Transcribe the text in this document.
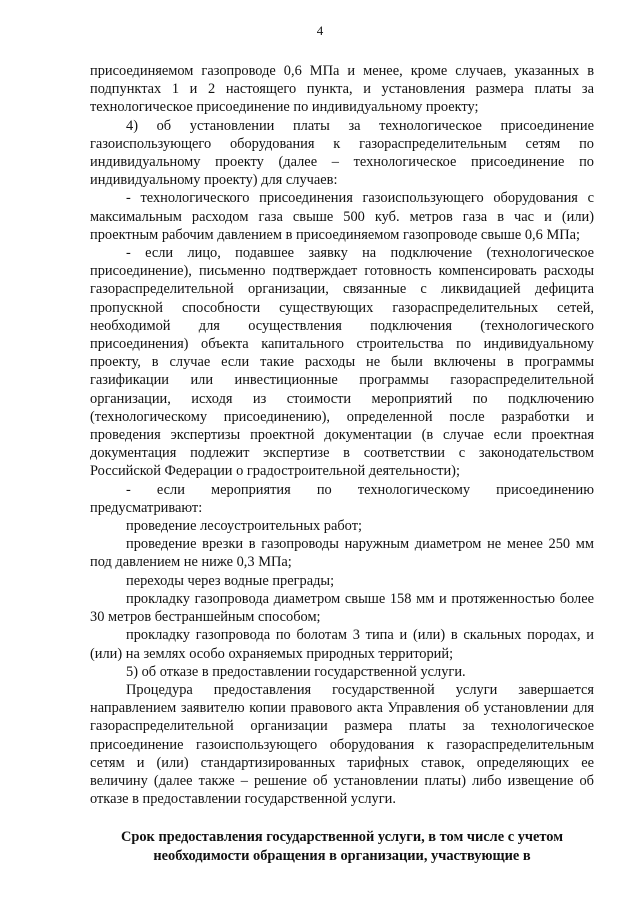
4

присоединяемом газопроводе 0,6 МПа и менее, кроме случаев, указанных в подпунктах 1 и 2 настоящего пункта, и установления размера платы за технологическое присоединение по индивидуальному проекту;

4) об установлении платы за технологическое присоединение газоиспользующего оборудования к газораспределительным сетям по индивидуальному проекту (далее – технологическое присоединение по индивидуальному проекту) для случаев:

- технологического присоединения газоиспользующего оборудования с максимальным расходом газа свыше 500 куб. метров газа в час и (или) проектным рабочим давлением в присоединяемом газопроводе свыше 0,6 МПа;

- если лицо, подавшее заявку на подключение (технологическое присоединение), письменно подтверждает готовность компенсировать расходы газораспределительной организации, связанные с ликвидацией дефицита пропускной способности существующих газораспределительных сетей, необходимой для осуществления подключения (технологического присоединения) объекта капитального строительства по индивидуальному проекту, в случае если такие расходы не были включены в программы газификации или инвестиционные программы газораспределительной организации, исходя из стоимости мероприятий по подключению (технологическому присоединению), определенной после разработки и проведения экспертизы проектной документации (в случае если проектная документация подлежит экспертизе в соответствии с законодательством Российской Федерации о градостроительной деятельности);

- если мероприятия по технологическому присоединению предусматривают:

проведение лесоустроительных работ;

проведение врезки в газопроводы наружным диаметром не менее 250 мм под давлением не ниже 0,3 МПа;

переходы через водные преграды;

прокладку газопровода диаметром свыше 158 мм и протяженностью более 30 метров бестраншейным способом;

прокладку газопровода по болотам 3 типа и (или) в скальных породах, и (или) на землях особо охраняемых природных территорий;

5) об отказе в предоставлении государственной услуги.

Процедура предоставления государственной услуги завершается направлением заявителю копии правового акта Управления об установлении для газораспределительной организации размера платы за технологическое присоединение газоиспользующего оборудования к газораспределительным сетям и (или) стандартизированных тарифных ставок, определяющих ее величину (далее также – решение об установлении платы) либо извещение об отказе в предоставлении государственной услуги.

Срок предоставления государственной услуги, в том числе с учетом необходимости обращения в организации, участвующие в
